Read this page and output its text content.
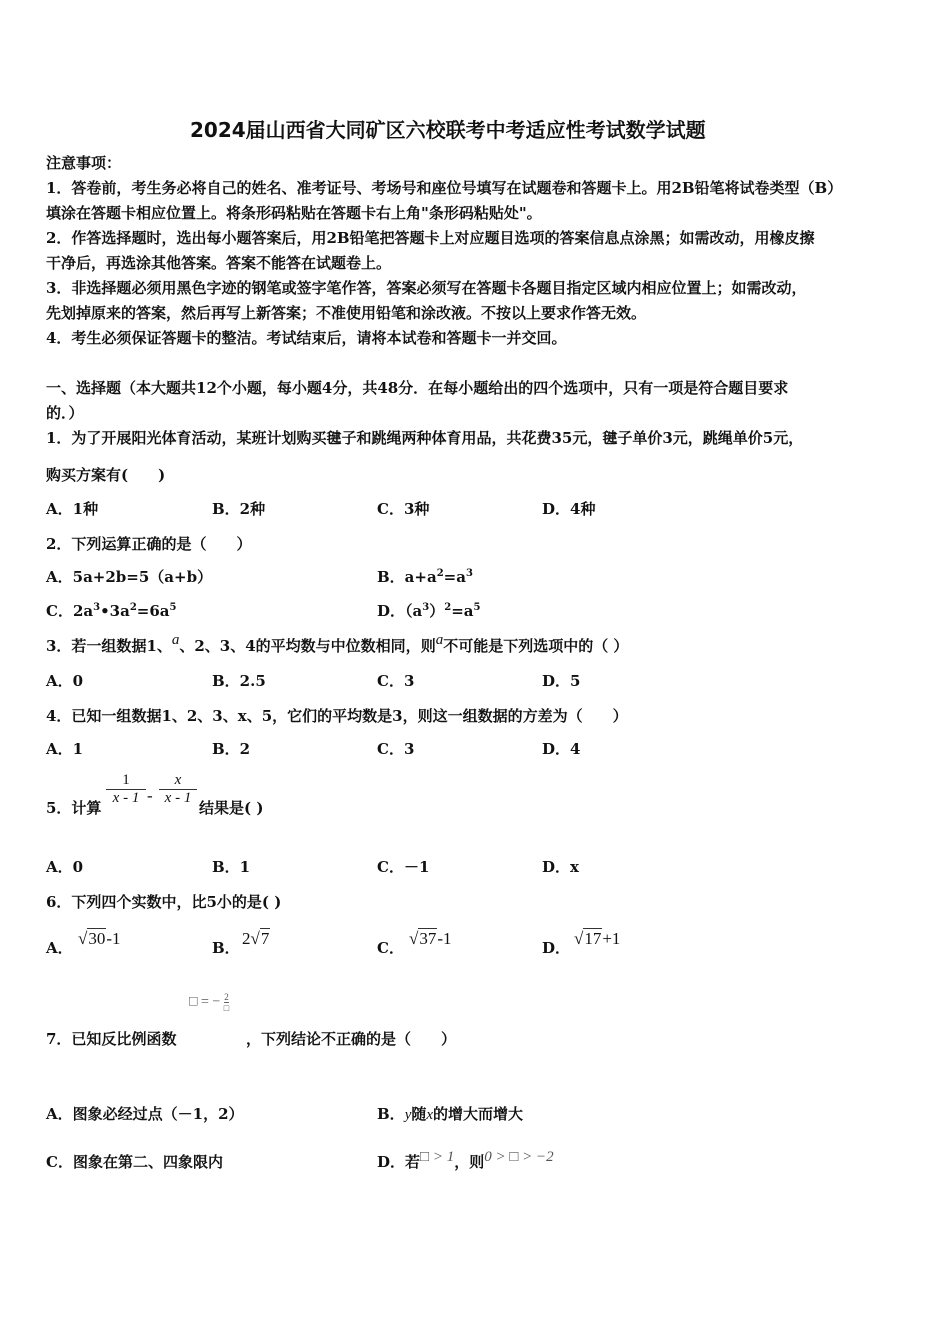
2024届山西省大同矿区六校联考中考适应性考试数学试题
注意事项：
1．答卷前，考生务必将自己的姓名、准考证号、考场号和座位号填写在试题卷和答题卡上。用2B铅笔将试卷类型（B）
填涂在答题卡相应位置上。将条形码粘贴在答题卡右上角"条形码粘贴处"。
2．作答选择题时，选出每小题答案后，用2B铅笔把答题卡上对应题目选项的答案信息点涂黑；如需改动，用橡皮擦
干净后，再选涂其他答案。答案不能答在试题卷上。
3．非选择题必须用黑色字迹的钢笔或签字笔作答，答案必须写在答题卡各题目指定区域内相应位置上；如需改动，
先划掉原来的答案，然后再写上新答案；不准使用铅笔和涂改液。不按以上要求作答无效。
4．考生必须保证答题卡的整洁。考试结束后，请将本试卷和答题卡一并交回。
一、选择题（本大题共12个小题，每小题4分，共48分．在每小题给出的四个选项中，只有一项是符合题目要求
的．）
1．为了开展阳光体育活动，某班计划购买毽子和跳绳两种体育用品，共花费35元，毽子单价3元，跳绳单价5元，
购买方案有(　　)
A．1种	B．2种	C．3种	D．4种
2．下列运算正确的是（　　）
A．5a+2b=5（a+b）	B．$a+a^2=a^3$
C．$2a^3•3a^2=6a^5$	D．$(a^3)^2=a^5$
3．若一组数据1、a、2、3、4的平均数与中位数相同，则a不可能是下列选项中的（ ）
A．0	B．2.5	C．3	D．5
4．已知一组数据1、2、3、x、5，它们的平均数是3，则这一组数据的方差为（　　）
A．1	B．2	C．3	D．4
5．计算
$\frac{1}{x - 1} - \frac{x}{x - 1}$
结果是( )
A．0	B．1	C．－1	D．x
6．下列四个实数中，比5小的是( )
A． √30-1	B． 2√7	C． √37-1	D． √17+1
□ = − 2
□
7．已知反比例函数	，下列结论不正确的是（　　）
A．图象必经过点（－1，2）	B．y随x的增大而增大
C．图象在第二、四象限内	D．若□ > 1，则0 > □ > −2
